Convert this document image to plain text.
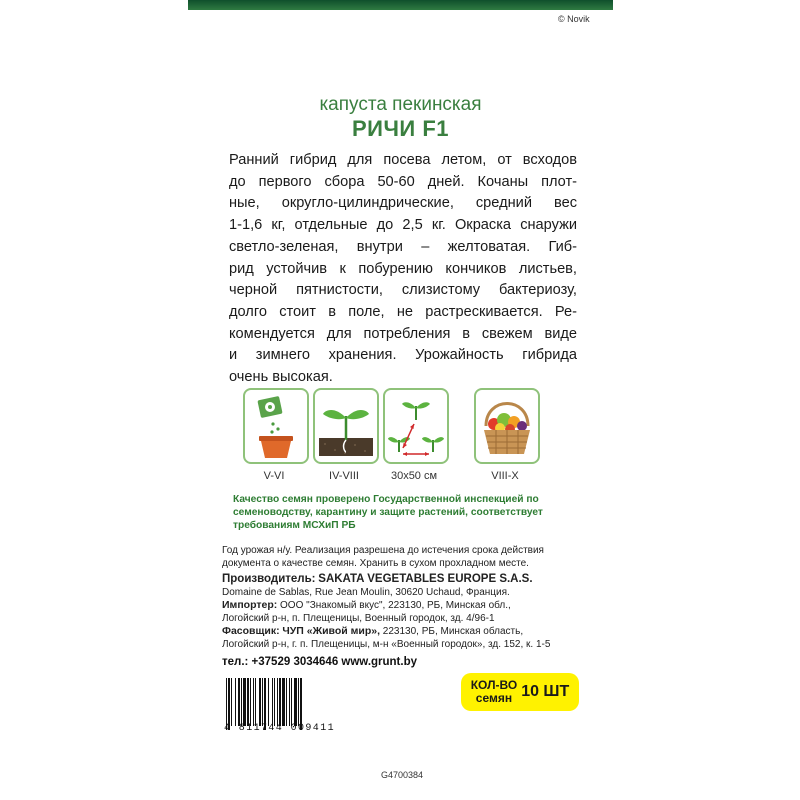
© Novik
капуста пекинская
РИЧИ F1

Ранний гибрид для посева летом, от всходов

до первого сбора 50-60 дней. Кочаны плот-

ные, округло-цилиндрические, средний вес

1-1,6 кг, отдельные до 2,5 кг. Окраска снаружи

светло-зеленая, внутри – желтоватая. Гиб-

рид устойчив к побурению кончиков листьев,

черной пятнистости, слизистому бактериозу,

долго стоит в поле, не растрескивается. Ре-

комендуется для потребления в свежем виде

и зимнего хранения. Урожайность гибрида

очень высокая.

V-VI	IV-VIII	30x50 см	VIII-X
Качество семян проверено Государственной инспекцией по
семеноводству, карантину и защите растений, соответствует
требованиям МСХиП РБ
Год урожая н/у. Реализация разрешена до истечения срока действия
документа о качестве семян. Хранить в сухом прохладном месте.
Производитель: SAKATA VEGETABLES EUROPE S.A.S.
Domaine de Sablas, Rue Jean Moulin, 30620 Uchaud, Франция.
Импортер: ООО "Знакомый вкус", 223130, РБ, Минская обл.,
Логойский р-н, п. Плещеницы, Военный городок, зд. 4/96-1
Фасовщик: ЧУП «Живой мир», 223130, РБ, Минская область,
Логойский р-н, г. п. Плещеницы, м-н «Военный городок», зд. 152, к. 1-5
тел.: +37529 3034646 www.grunt.by
4 811744 009411
КОЛ-ВО
семян 10 ШТ
G4700384
